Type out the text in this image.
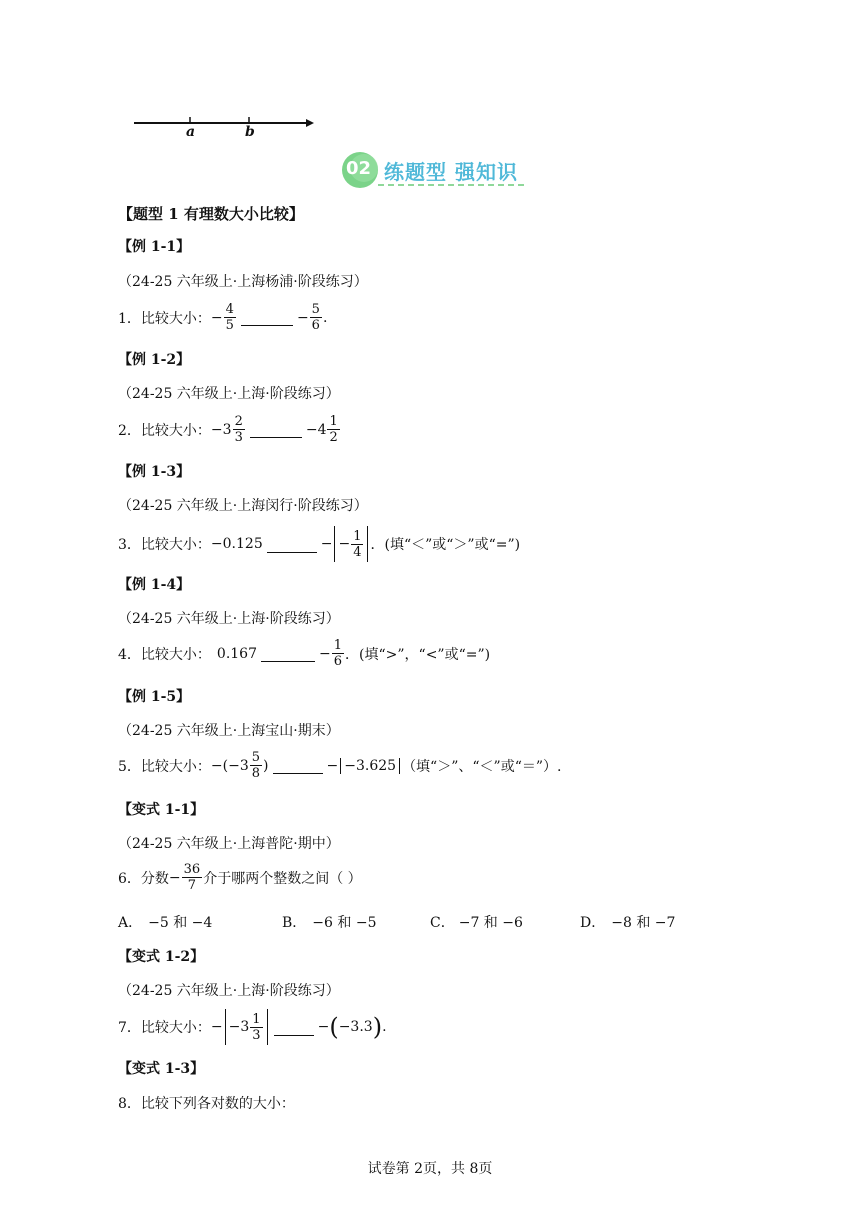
a	b
02 练题型 强知识
【题型 1 有理数大小比较】
【例 1-1】
（24-25 六年级上·上海杨浦·阶段练习）
1． 比较大小： − $\frac{4}{5}$	− $\frac{5}{6}$ .
【例 1-2】
（24-25 六年级上·上海·阶段练习）
2． 比较大小： $-3 \frac{2}{3}$	$-4 \frac{1}{2}$
【例 1-3】
（24-25 六年级上·上海闵行·阶段练习）
3． 比较大小： −0.125	− − $\frac{1}{4}$ ．(填“＜”或“＞”或“=”)
【例 1-4】
（24-25 六年级上·上海·阶段练习）
4． 比较大小： 0.167	− $\frac{1}{6}$ ．(填“>”，“<”或“=”)
【例 1-5】
（24-25 六年级上·上海宝山·期末）
5． 比较大小： $-(-3 \frac{5}{8}$ )	− −3.625 （填“＞”、“＜”或“＝”）.
【变式 1-1】
（24-25 六年级上·上海普陀·期中）
6． 分数 − $\frac{36}{7}$ 介于哪两个整数之间（ ）
A． −5 和 −4	B． −6 和 −5	C． −7 和 −6	D． −8 和 −7
【变式 1-2】
（24-25 六年级上·上海·阶段练习）
7． 比较大小： − $-3 \frac{1}{3}$	− ( −3.3 ) .
【变式 1-3】
8． 比较下列各对数的大小：
试卷第 2页，共 8页
